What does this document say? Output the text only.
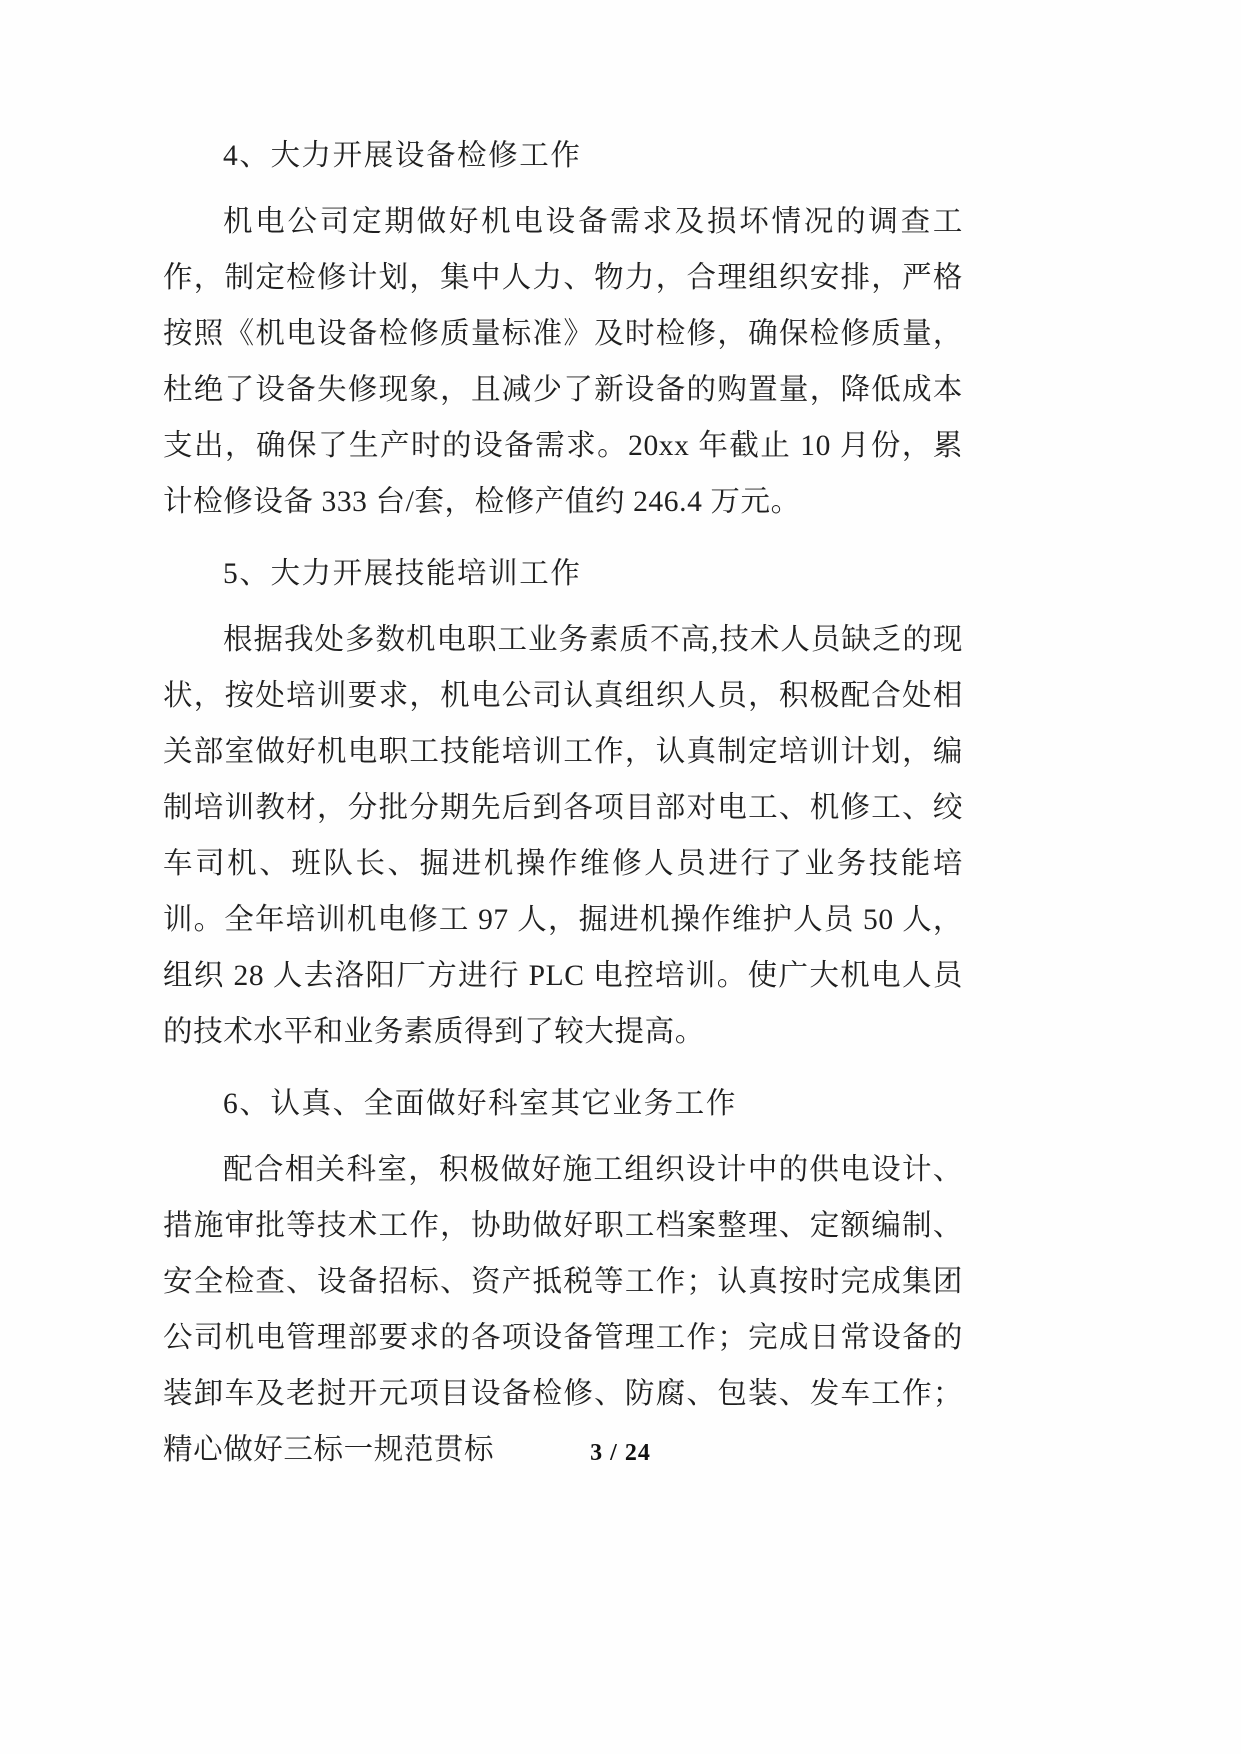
4、大力开展设备检修工作

机电公司定期做好机电设备需求及损坏情况的调查工作，制定检修计划，集中人力、物力，合理组织安排，严格按照《机电设备检修质量标准》及时检修，确保检修质量，杜绝了设备失修现象，且减少了新设备的购置量，降低成本支出，确保了生产时的设备需求。20xx 年截止 10 月份，累计检修设备 333 台/套，检修产值约 246.4 万元。

5、大力开展技能培训工作

根据我处多数机电职工业务素质不高,技术人员缺乏的现状，按处培训要求，机电公司认真组织人员，积极配合处相关部室做好机电职工技能培训工作，认真制定培训计划，编制培训教材，分批分期先后到各项目部对电工、机修工、绞车司机、班队长、掘进机操作维修人员进行了业务技能培训。全年培训机电修工 97 人，掘进机操作维护人员 50 人，组织 28 人去洛阳厂方进行 PLC 电控培训。使广大机电人员的技术水平和业务素质得到了较大提高。

6、认真、全面做好科室其它业务工作

配合相关科室，积极做好施工组织设计中的供电设计、措施审批等技术工作，协助做好职工档案整理、定额编制、安全检查、设备招标、资产抵税等工作；认真按时完成集团公司机电管理部要求的各项设备管理工作；完成日常设备的装卸车及老挝开元项目设备检修、防腐、包装、发车工作；精心做好三标一规范贯标	3 / 24
